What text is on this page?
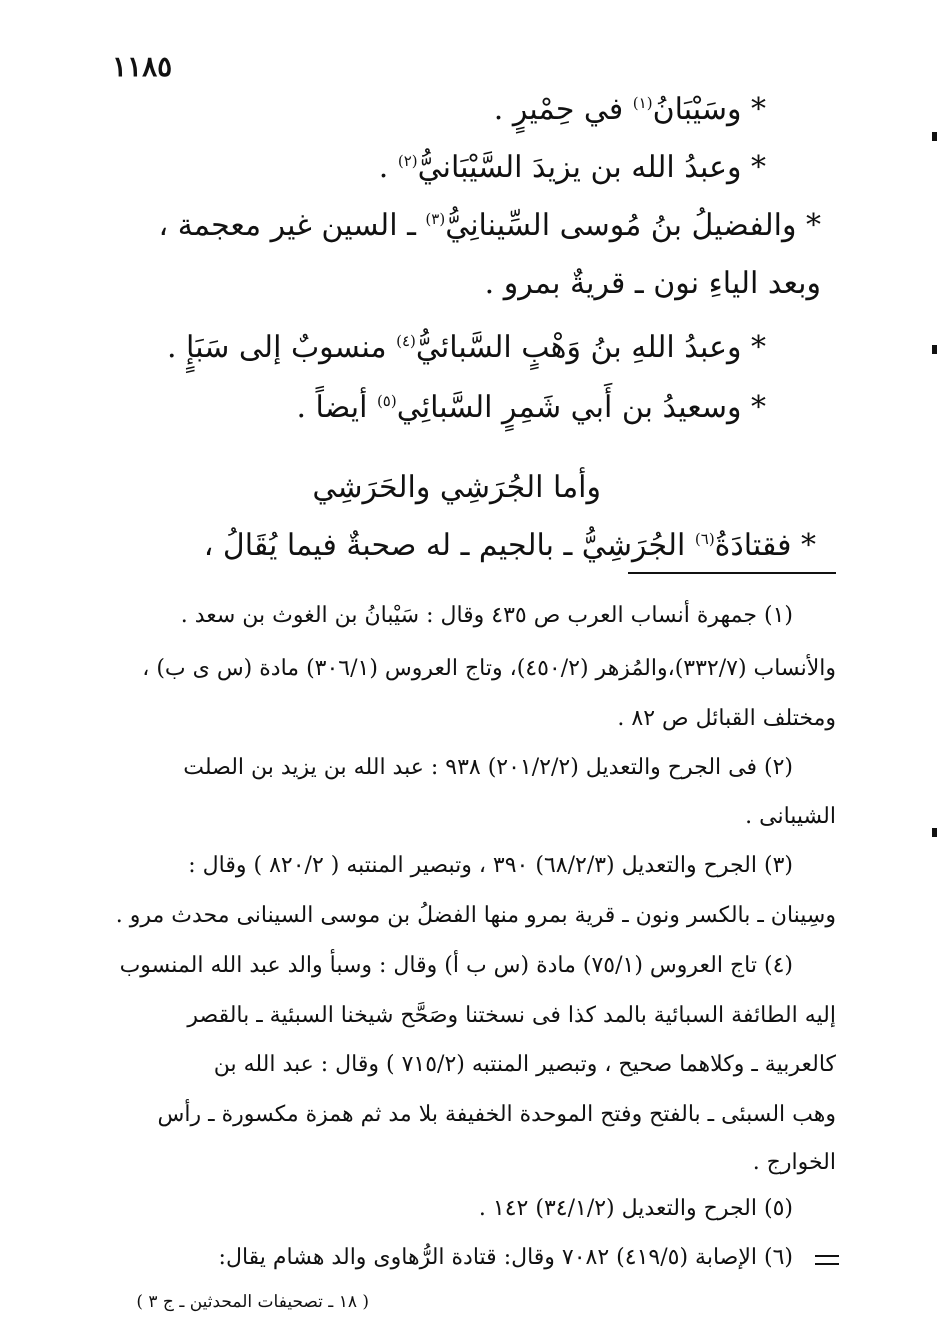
١١٨٥
* وسَيْبَانُ$^{(١)}$ في حِمْيرٍ .
* وعبدُ الله بن يزيدَ السَّيْبَانيُّ$^{(٢)}$ .
* والفضيلُ بنُ مُوسى السِّينانِيُّ$^{(٣)}$ ـ السين غير معجمة ،
وبعد الياءِ نون ـ قريةٌ بمرو .
* وعبدُ اللهِ بنُ وَهْبٍ السَّبائيُّ$^{(٤)}$ منسوبٌ إلى سَبَإٍ .
* وسعيدُ بن أَبي شَمِرٍ السَّبائِي$^{(٥)}$ أيضاً .
وأما الجُرَشِي والحَرَشِي
* فقتادَةُ$^{(٦)}$ الجُرَشِيُّ ـ بالجيم ـ له صحبةٌ فيما يُقَالُ ،
(١) جمهرة أنساب العرب ص ٤٣٥ وقال : سَيْبانُ بن الغوث بن سعد .
والأنساب (٣٣٢/٧)،والمُزهر (٤٥٠/٢)، وتاج العروس (٣٠٦/١) مادة (س ى ب) ،
ومختلف القبائل ص ٨٢ .
(٢) فى الجرح والتعديل (٢٠١/٢/٢) ٩٣٨ : عبد الله بن يزيد بن الصلت
الشيبانى .
(٣) الجرح والتعديل (٦٨/٢/٣) ٣٩٠ ، وتبصير المنتبه ( ٨٢٠/٢ ) وقال :
وسِينان ـ بالكسر ونون ـ قرية بمرو منها الفضلُ بن موسى السينانى محدث مرو .
(٤) تاج العروس (٧٥/١) مادة (س ب أ) وقال : وسبأ والد عبد الله المنسوب
إليه الطائفة السبائية بالمد كذا فى نسختنا وصَحَّح شيخنا السبئية ـ بالقصر
كالعربية ـ وكلاهما صحيح ، وتبصير المنتبه (٧١٥/٢ ) وقال : عبد الله بن
وهب السبئى ـ بالفتح وفتح الموحدة الخفيفة بلا مد ثم همزة مكسورة ـ رأس
الخوارج .
(٥) الجرح والتعديل (٣٤/١/٢) ١٤٢ .
(٦) الإصابة (٤١٩/٥) ٧٠٨٢ وقال: قتادة الرُّهاوى والد هشام يقال:
( ١٨ ـ تصحيفات المحدثين ـ ج ٣ )
